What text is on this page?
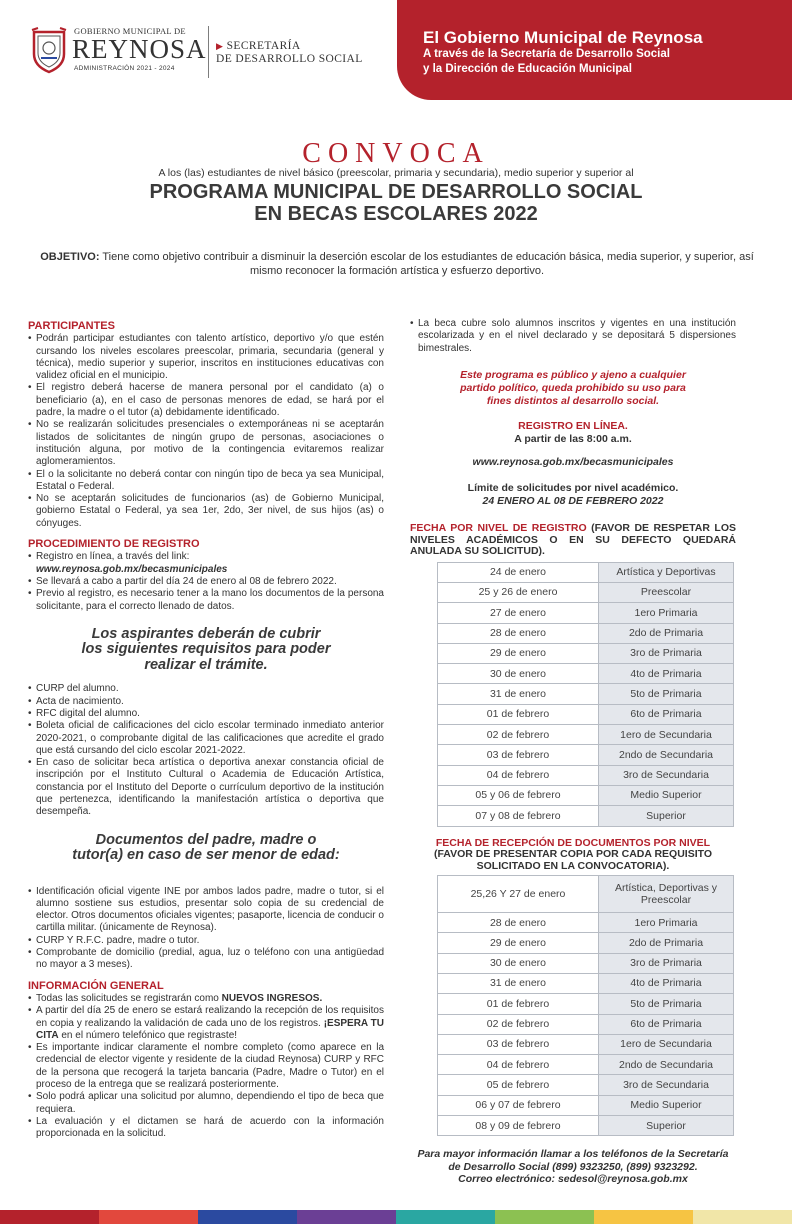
GOBIERNO MUNICIPAL DE
REYNOSA
ADMINISTRACIÓN 2021 - 2024
▶ SECRETARÍA
DE DESARROLLO SOCIAL
El Gobierno Municipal de Reynosa
A través de la Secretaría de Desarrollo Social
y la Dirección de Educación Municipal
CONVOCA
A los (las) estudiantes de nivel básico (preescolar, primaria y secundaria), medio superior y superior al
PROGRAMA MUNICIPAL DE DESARROLLO SOCIAL
EN BECAS ESCOLARES 2022
OBJETIVO: Tiene como objetivo contribuir a disminuir la deserción escolar de los estudiantes de educación básica, media superior, y superior, así mismo reconocer la formación artística y esfuerzo deportivo.
PARTICIPANTES
• Podrán participar estudiantes con talento artístico, deportivo y/o que estén cursando los niveles escolares preescolar, primaria, secundaria (general y técnica), medio superior y superior, inscritos en instituciones educativas con validez oficial en el municipio.
• El registro deberá hacerse de manera personal por el candidato (a) o beneficiario (a), en el caso de personas menores de edad, se hará por el padre, la madre o el tutor (a) debidamente identificado.
• No se realizarán solicitudes presenciales o extemporáneas ni se aceptarán listados de solicitantes de ningún grupo de personas, asociaciones o institución alguna, por motivo de la contingencia evitaremos realizar aglomeramientos.
• El o la solicitante no deberá contar con ningún tipo de beca ya sea Municipal, Estatal o Federal.
• No se aceptarán solicitudes de funcionarios (as) de Gobierno Municipal, gobierno Estatal o Federal, ya sea 1er, 2do, 3er nivel, de sus hijos (as) o cónyuges.
PROCEDIMIENTO DE REGISTRO
• Registro en línea, a través del link:
www.reynosa.gob.mx/becasmunicipales
• Se llevará a cabo a partir del día 24 de enero al 08 de febrero 2022.
• Previo al registro, es necesario tener a la mano los documentos de la persona solicitante, para el correcto llenado de datos.
Los aspirantes deberán de cubrir
los siguientes requisitos para poder
realizar el trámite.
• CURP del alumno.
• Acta de nacimiento.
• RFC digital del alumno.
• Boleta oficial de calificaciones del ciclo escolar terminado inmediato anterior 2020-2021, o comprobante digital de las calificaciones que acredite el grado que está cursando del ciclo escolar 2021-2022.
• En caso de solicitar beca artística o deportiva anexar constancia oficial de inscripción por el Instituto Cultural o Academia de Educación Artística, constancia por el Instituto del Deporte o currículum deportivo de la institución que pertenezca, identificando la manifestación artística o deportiva que desempeña.
Documentos del padre, madre o
tutor(a) en caso de ser menor de edad:
• Identificación oficial vigente INE por ambos lados padre, madre o tutor, si el alumno sostiene sus estudios, presentar solo copia de su credencial de elector. Otros documentos oficiales vigentes; pasaporte, licencia de conducir o cartilla militar. (únicamente de Reynosa).
• CURP Y R.F.C. padre, madre o tutor.
• Comprobante de domicilio (predial, agua, luz o teléfono con una antigüedad no mayor a 3 meses).
INFORMACIÓN GENERAL
• Todas las solicitudes se registrarán como NUEVOS INGRESOS.
• A partir del día 25 de enero se estará realizando la recepción de los requisitos en copia y realizando la validación de cada uno de los registros. ¡ESPERA TU CITA en el número telefónico que registraste!
• Es importante indicar claramente el nombre completo (como aparece en la credencial de elector vigente y residente de la ciudad Reynosa) CURP y RFC de la persona que recogerá la tarjeta bancaria (Padre, Madre o Tutor) en el proceso de la entrega que se realizará posteriormente.
• Solo podrá aplicar una solicitud por alumno, dependiendo el tipo de beca que requiera.
• La evaluación y el dictamen se hará de acuerdo con la información proporcionada en la solicitud.
• La beca cubre solo alumnos inscritos y vigentes en una institución escolarizada y en el nivel declarado y se depositará 5 dispersiones bimestrales.
Este programa es público y ajeno a cualquier
partido político, queda prohibido su uso para
fines distintos al desarrollo social.
REGISTRO EN LÍNEA.
A partir de las 8:00 a.m.
www.reynosa.gob.mx/becasmunicipales
Límite de solicitudes por nivel académico.
24 ENERO AL 08 DE FEBRERO 2022
FECHA POR NIVEL DE REGISTRO (FAVOR DE RESPETAR LOS NIVELES ACADÉMICOS O EN SU DEFECTO QUEDARÁ ANULADA SU SOLICITUD).
24 de enero	Artística y Deportivas
25 y 26 de enero	Preescolar
27 de enero	1ero Primaria
28 de enero	2do de Primaria
29 de enero	3ro de Primaria
30 de enero	4to de Primaria
31 de enero	5to de Primaria
01 de febrero	6to de Primaria
02 de febrero	1ero de Secundaria
03 de febrero	2ndo de Secundaria
04 de febrero	3ro de Secundaria
05 y 06 de febrero	Medio Superior
07 y 08 de febrero	Superior
FECHA DE RECEPCIÓN DE DOCUMENTOS POR NIVEL
(FAVOR DE PRESENTAR COPIA POR CADA REQUISITO
SOLICITADO EN LA CONVOCATORIA).
25,26 Y 27 de enero	Artística, Deportivas y Preescolar
28 de enero	1ero Primaria
29 de enero	2do de Primaria
30 de enero	3ro de Primaria
31 de enero	4to de Primaria
01 de febrero	5to de Primaria
02 de febrero	6to de Primaria
03 de febrero	1ero de Secundaria
04 de febrero	2ndo de Secundaria
05 de febrero	3ro de Secundaria
06 y 07 de febrero	Medio Superior
08 y 09 de febrero	Superior
Para mayor información llamar a los teléfonos de la Secretaría
de Desarrollo Social (899) 9323250, (899) 9323292.
Correo electrónico: sedesol@reynosa.gob.mx
